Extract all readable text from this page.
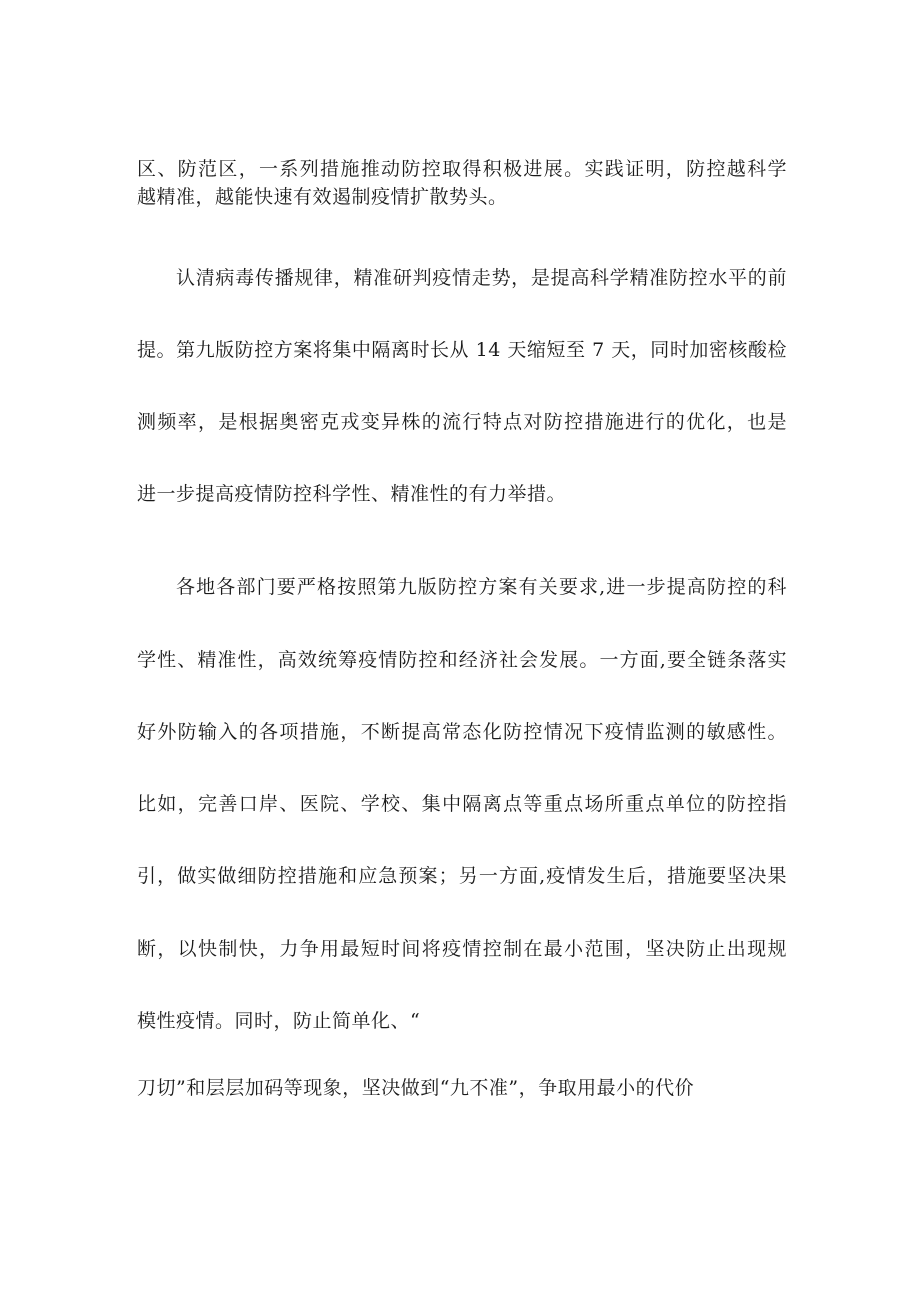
区、防范区，一系列措施推动防控取得积极进展。实践证明，防控越科学
越精准，越能快速有效遏制疫情扩散势头。
认清病毒传播规律，精准研判疫情走势，是提高科学精准防控水平的前
提。第九版防控方案将集中隔离时长从 14 天缩短至 7 天，同时加密核酸检
测频率，是根据奥密克戎变异株的流行特点对防控措施进行的优化，也是
进一步提高疫情防控科学性、精准性的有力举措。
各地各部门要严格按照第九版防控方案有关要求,进一步提高防控的科
学性、精准性，高效统筹疫情防控和经济社会发展。一方面,要全链条落实
好外防输入的各项措施，不断提高常态化防控情况下疫情监测的敏感性。
比如，完善口岸、医院、学校、集中隔离点等重点场所重点单位的防控指
引，做实做细防控措施和应急预案；另一方面,疫情发生后，措施要坚决果
断，以快制快，力争用最短时间将疫情控制在最小范围，坚决防止出现规
模性疫情。同时，防止简单化、“
刀切”和层层加码等现象，坚决做到“九不准”，争取用最小的代价
